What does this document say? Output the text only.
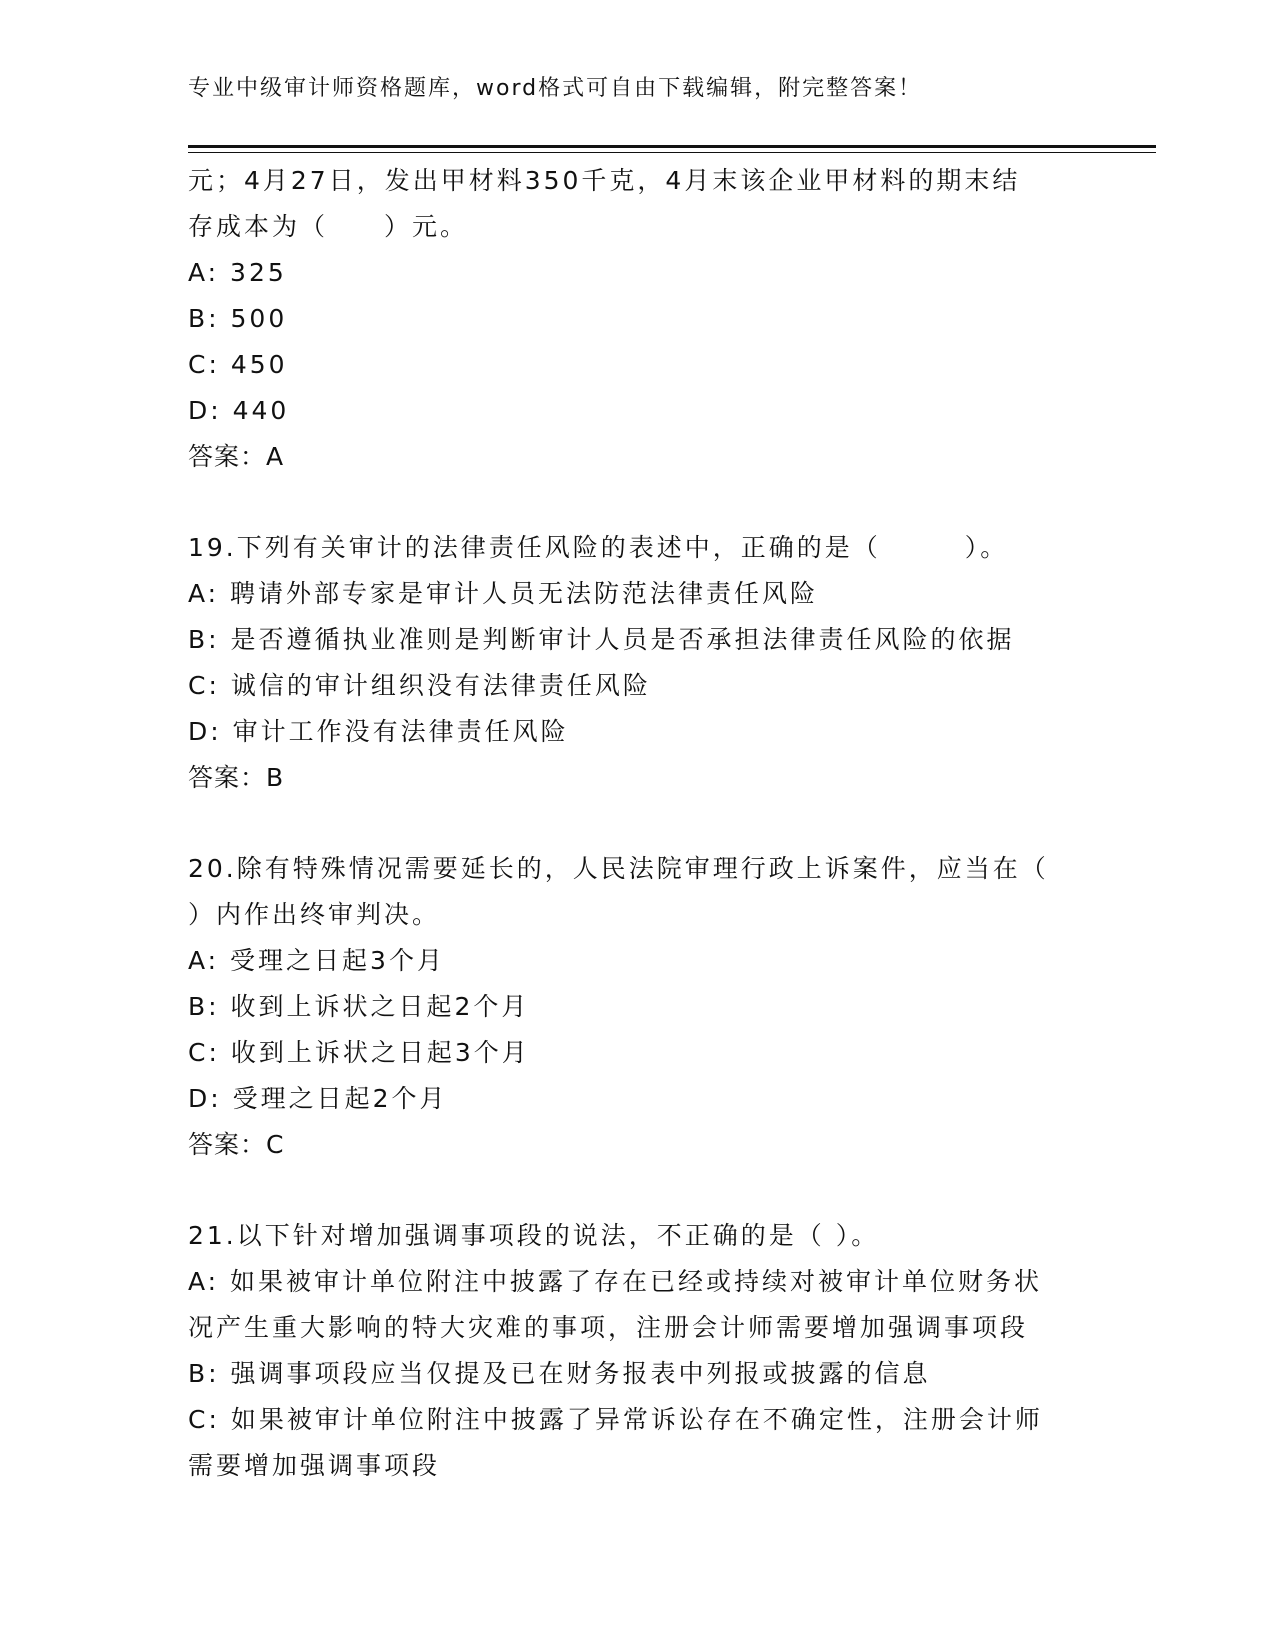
专业中级审计师资格题库，word格式可自由下载编辑，附完整答案！
元；4月27日，发出甲材料350千克，4月末该企业甲材料的期末结
存成本为（　　）元。
A: 325
B: 500
C: 450
D: 440
答案：A
19.下列有关审计的法律责任风险的表述中，正确的是（　　　）。
A: 聘请外部专家是审计人员无法防范法律责任风险
B: 是否遵循执业准则是判断审计人员是否承担法律责任风险的依据
C: 诚信的审计组织没有法律责任风险
D: 审计工作没有法律责任风险
答案：B
20.除有特殊情况需要延长的，人民法院审理行政上诉案件，应当在（
）内作出终审判决。
A: 受理之日起3个月
B: 收到上诉状之日起2个月
C: 收到上诉状之日起3个月
D: 受理之日起2个月
答案：C
21.以下针对增加强调事项段的说法，不正确的是（ ）。
A: 如果被审计单位附注中披露了存在已经或持续对被审计单位财务状
况产生重大影响的特大灾难的事项，注册会计师需要增加强调事项段
B: 强调事项段应当仅提及已在财务报表中列报或披露的信息
C: 如果被审计单位附注中披露了异常诉讼存在不确定性，注册会计师
需要增加强调事项段
